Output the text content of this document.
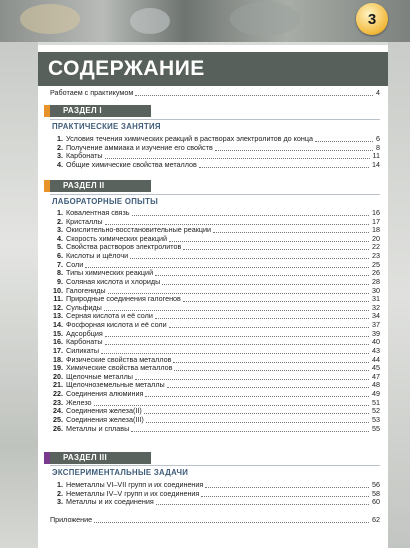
3
СОДЕРЖАНИЕ
Работаем с практикумом	4
РАЗДЕЛ I
ПРАКТИЧЕСКИЕ ЗАНЯТИЯ
1. Условия течения химических реакций в растворах электролитов до конца	6
2. Получение аммиака и изучение его свойств	8
3. Карбонаты	11
4. Общие химические свойства металлов	14
РАЗДЕЛ II
ЛАБОРАТОРНЫЕ ОПЫТЫ
1. Ковалентная связь	16
2. Кристаллы	17
3. Окислительно-восстановительные реакции	18
4. Скорость химических реакций	20
5. Свойства растворов электролитов	22
6. Кислоты и щёлочи	23
7. Соли	25
8. Типы химических реакций	26
9. Соляная кислота и хлориды	28
10. Галогениды	30
11. Природные соединения галогенов	31
12. Сульфиды	32
13. Серная кислота и её соли	34
14. Фосфорная кислота и её соли	37
15. Адсорбция	39
16. Карбонаты	40
17. Силикаты	43
18. Физические свойства металлов	44
19. Химические свойства металлов	45
20. Щелочные металлы	47
21. Щелочноземельные металлы	48
22. Соединения алюминия	49
23. Железо	51
24. Соединения железа(II)	52
25. Соединения железа(III)	53
26. Металлы и сплавы	55
РАЗДЕЛ III
ЭКСПЕРИМЕНТАЛЬНЫЕ ЗАДАЧИ
1. Неметаллы VI–VII групп и их соединения	56
2. Неметаллы IV–V групп и их соединения	58
3. Металлы и их соединения	60
Приложение	62
